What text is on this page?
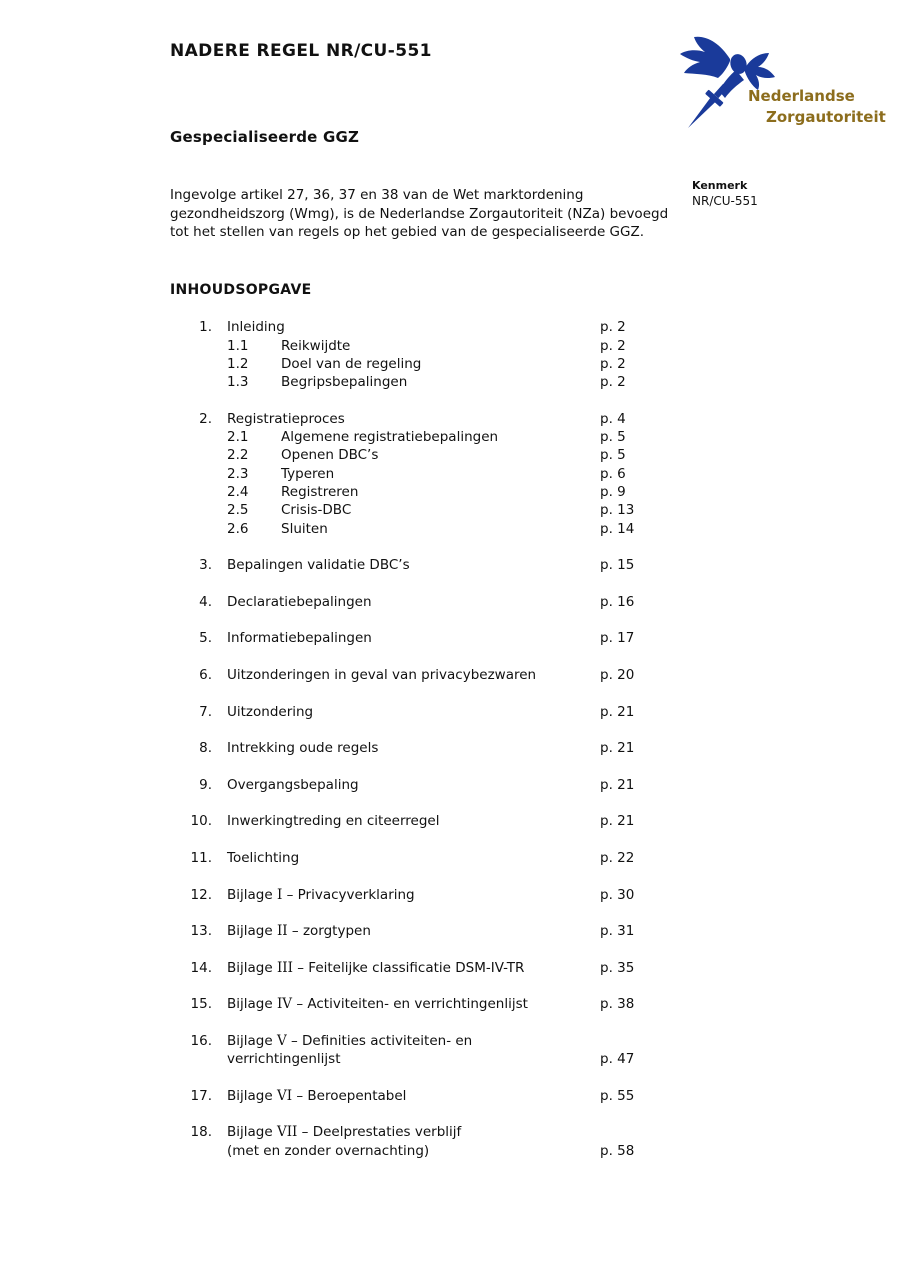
NADERE REGEL NR/CU-551
Nederlandse
Zorgautoriteit
Gespecialiseerde GGZ
Kenmerk
NR/CU-551
Ingevolge artikel 27, 36, 37 en 38 van de Wet marktordening
gezondheidszorg (Wmg), is de Nederlandse Zorgautoriteit (NZa) bevoegd
tot het stellen van regels op het gebied van de gespecialiseerde GGZ.
INHOUDSOPGAVE
1. Inleiding	p. 2
1.1 Reikwijdte	p. 2
1.2 Doel van de regeling	p. 2
1.3 Begripsbepalingen	p. 2
2. Registratieproces	p. 4
2.1 Algemene registratiebepalingen	p. 5
2.2 Openen DBC’s	p. 5
2.3 Typeren	p. 6
2.4 Registreren	p. 9
2.5 Crisis-DBC	p. 13
2.6 Sluiten	p. 14
3. Bepalingen validatie DBC’s	p. 15
4. Declaratiebepalingen	p. 16
5. Informatiebepalingen	p. 17
6. Uitzonderingen in geval van privacybezwaren	p. 20
7. Uitzondering	p. 21
8. Intrekking oude regels	p. 21
9. Overgangsbepaling	p. 21
10. Inwerkingtreding en citeerregel	p. 21
11. Toelichting	p. 22
12. Bijlage I – Privacyverklaring	p. 30
13. Bijlage II – zorgtypen	p. 31
14. Bijlage III – Feitelijke classificatie DSM-IV-TR	p. 35
15. Bijlage IV – Activiteiten- en verrichtingenlijst	p. 38
16. Bijlage V – Definities activiteiten- en
verrichtingenlijst	p. 47
17. Bijlage VI – Beroepentabel	p. 55
18. Bijlage VII – Deelprestaties verblijf
(met en zonder overnachting)	p. 58
